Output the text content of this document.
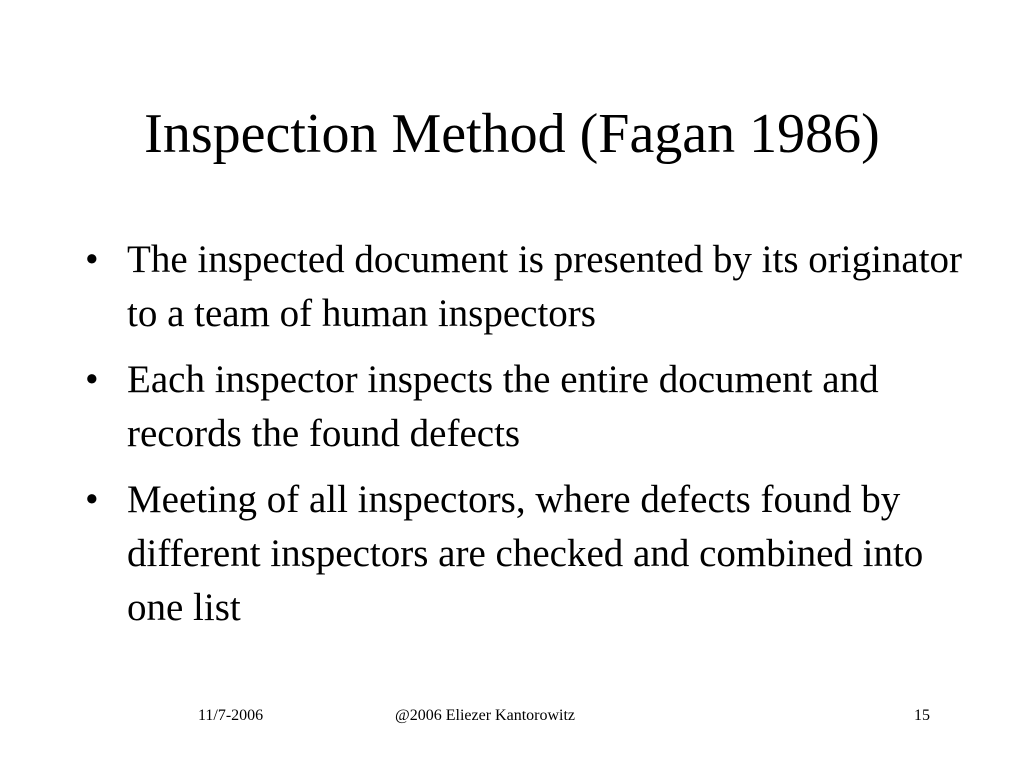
Inspection Method (Fagan 1986)
• The inspected document is presented by its originator to a team of human inspectors
• Each inspector inspects the entire document and records the found defects
• Meeting of all inspectors, where defects found by different inspectors are checked and combined into one list
11/7-2006	@2006 Eliezer Kantorowitz	15
